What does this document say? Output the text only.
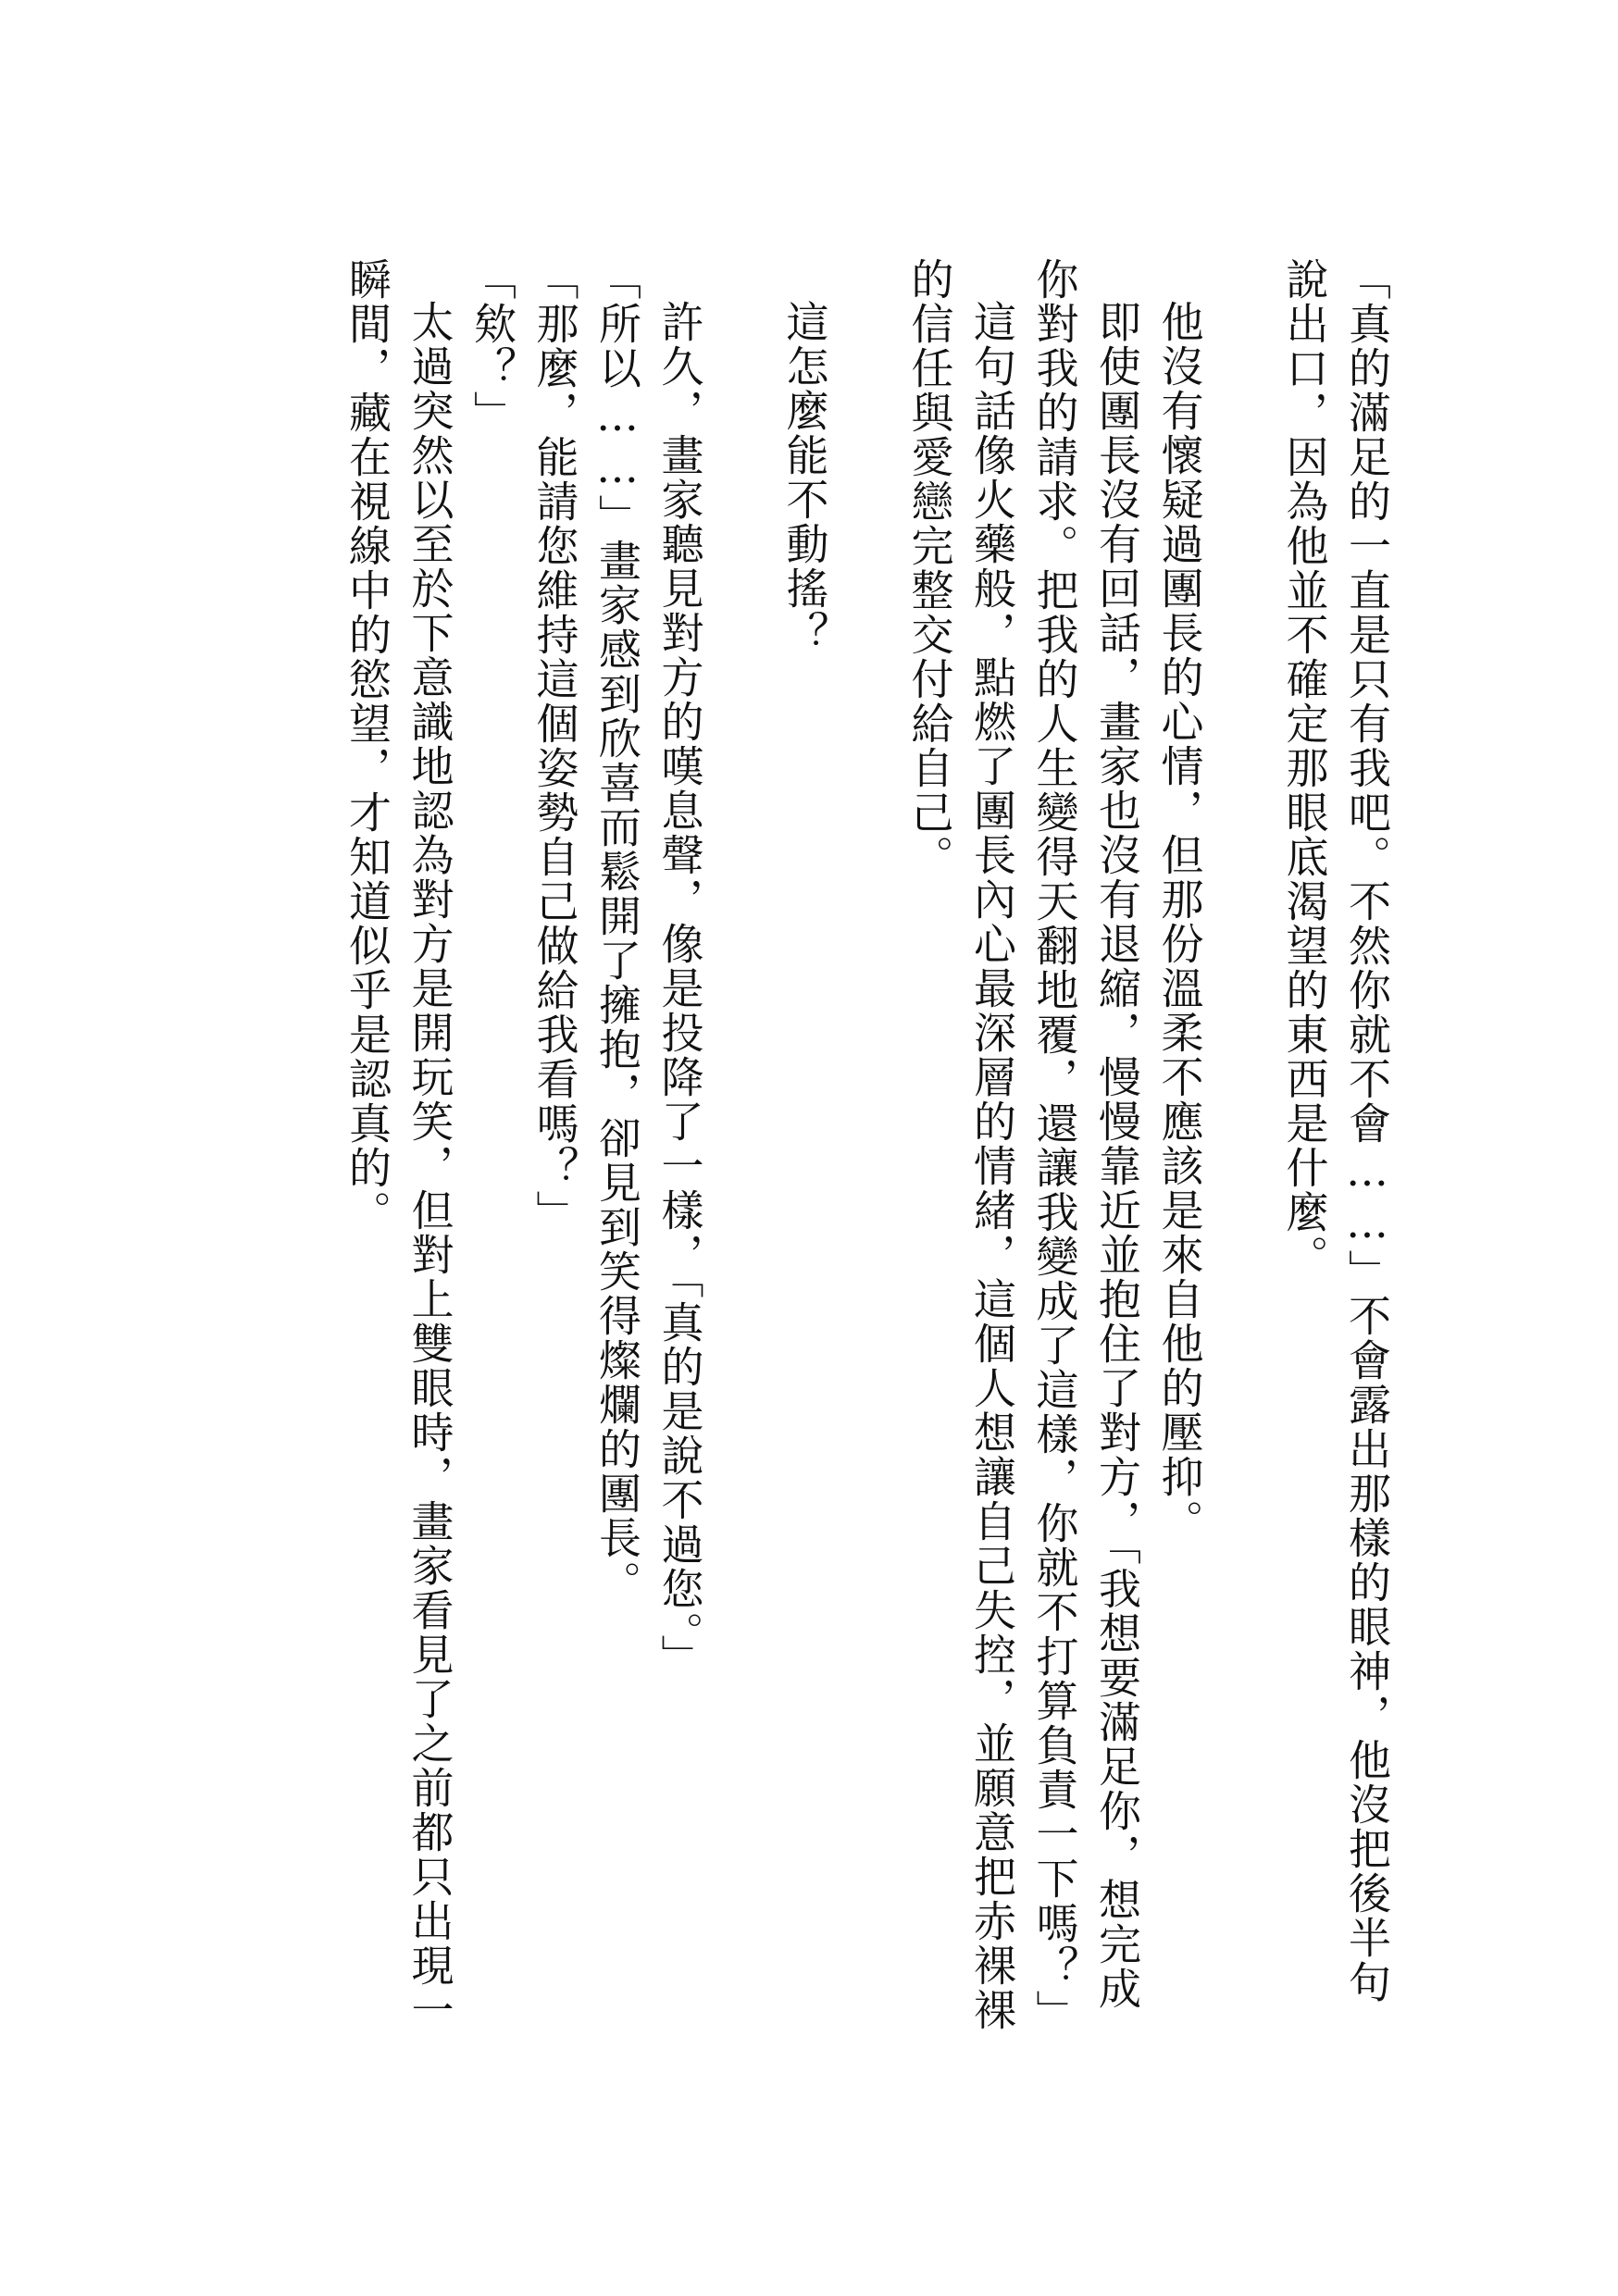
「真的滿足的一直是只有我吧。不然你就不會……」不會露出那樣的眼神，他沒把後半句說出口，因為他並不確定那眼底渴望的東西是什麼。

他沒有懷疑過團長的心情，但那份溫柔不應該是來自他的壓抑。

即使團長沒有回話，畫家也沒有退縮，慢慢靠近並抱住了對方，「我想要滿足你，想完成你對我的請求。把我的人生變得天翻地覆，還讓我變成了這樣，你就不打算負責一下嗎？」

這句話像火藥般，點燃了團長內心最深層的情緒，這個人想讓自己失控，並願意把赤裸裸的信任與愛戀完整交付給自己。

這怎麼能不動搖？

許久，畫家聽見對方的嘆息聲，像是投降了一樣，「真的是說不過您。」

「所以……」畫家感到欣喜而鬆開了擁抱，卻見到笑得燦爛的團長。

「那麼，能請您維持這個姿勢自己做給我看嗎？」

「欸？」

太過突然以至於下意識地認為對方是開玩笑，但對上雙眼時，畫家看見了之前都只出現一瞬間，藏在視線中的慾望，才知道似乎是認真的。
